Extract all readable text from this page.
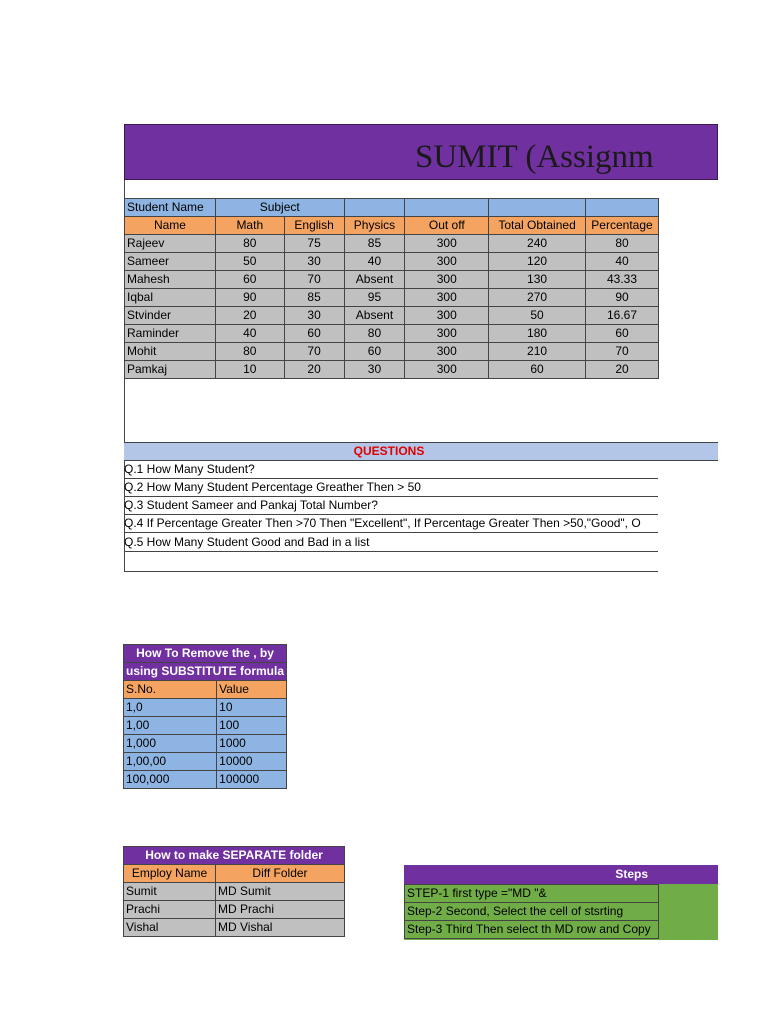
SUMIT (Assignm
Student Name	Subject					
Name	Math	English	Physics	Out off	Total Obtained	Percentage
Rajeev	80	75	85	300	240	80
Sameer	50	30	40	300	120	40
Mahesh	60	70	Absent	300	130	43.33
Iqbal	90	85	95	300	270	90
Stvinder	20	30	Absent	300	50	16.67
Raminder	40	60	80	300	180	60
Mohit	80	70	60	300	210	70
Pamkaj	10	20	30	300	60	20
QUESTIONS
Q.1 How Many Student?
Q.2 How Many Student Percentage Greather Then > 50
Q.3 Student Sameer and Pankaj Total Number?
Q.4 If Percentage Greater Then >70 Then "Excellent", If Percentage Greater Then >50,"Good", O
Q.5 How Many Student Good and Bad in a list
How To Remove the , by	
using SUBSTITUTE formula	
S.No.	Value
1,0	10
1,00	100
1,000	1000
1,00,00	10000
100,000	100000
How to make SEPARATE folder	
Employ Name	Diff Folder
Sumit	MD Sumit
Prachi	MD Prachi
Vishal	MD Vishal
Steps
STEP-1 first type ="MD "&
Step-2 Second, Select the cell of stsrting
Step-3 Third Then select th MD row and Copy
